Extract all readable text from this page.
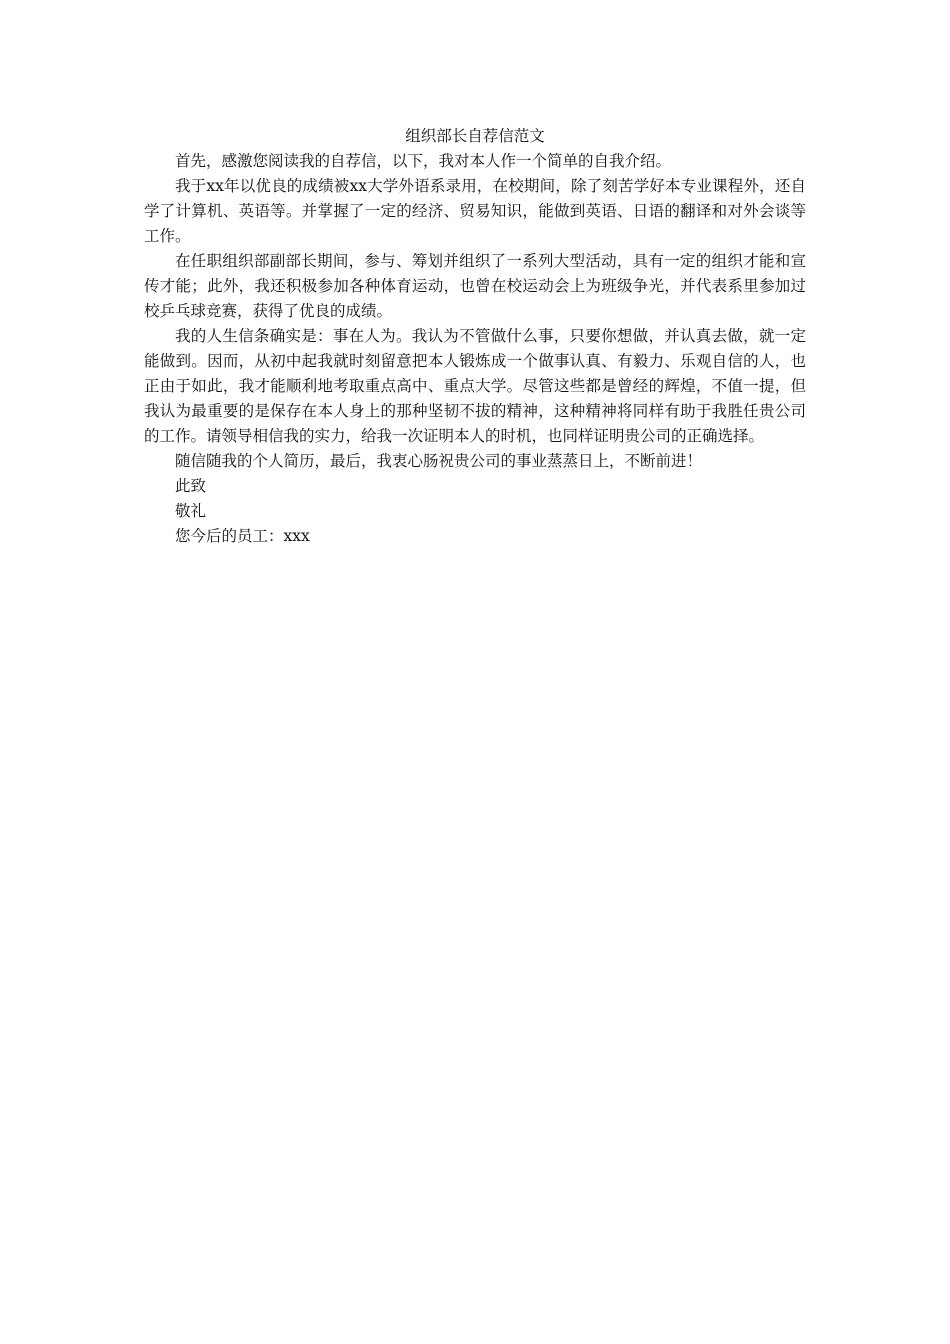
组织部长自荐信范文

首先，感激您阅读我的自荐信，以下，我对本人作一个简单的自我介绍。

我于xx年以优良的成绩被xx大学外语系录用，在校期间，除了刻苦学好本专业课程外，还自学了计算机、英语等。并掌握了一定的经济、贸易知识，能做到英语、日语的翻译和对外会谈等工作。

在任职组织部副部长期间，参与、筹划并组织了一系列大型活动，具有一定的组织才能和宣传才能；此外，我还积极参加各种体育运动，也曾在校运动会上为班级争光，并代表系里参加过校乒乓球竞赛，获得了优良的成绩。

我的人生信条确实是：事在人为。我认为不管做什么事，只要你想做，并认真去做，就一定能做到。因而，从初中起我就时刻留意把本人锻炼成一个做事认真、有毅力、乐观自信的人，也正由于如此，我才能顺利地考取重点高中、重点大学。尽管这些都是曾经的辉煌，不值一提，但我认为最重要的是保存在本人身上的那种坚韧不拔的精神，这种精神将同样有助于我胜任贵公司的工作。请领导相信我的实力，给我一次证明本人的时机，也同样证明贵公司的正确选择。

随信随我的个人简历，最后，我衷心肠祝贵公司的事业蒸蒸日上，不断前进！

此致

敬礼

您今后的员工：xxx
